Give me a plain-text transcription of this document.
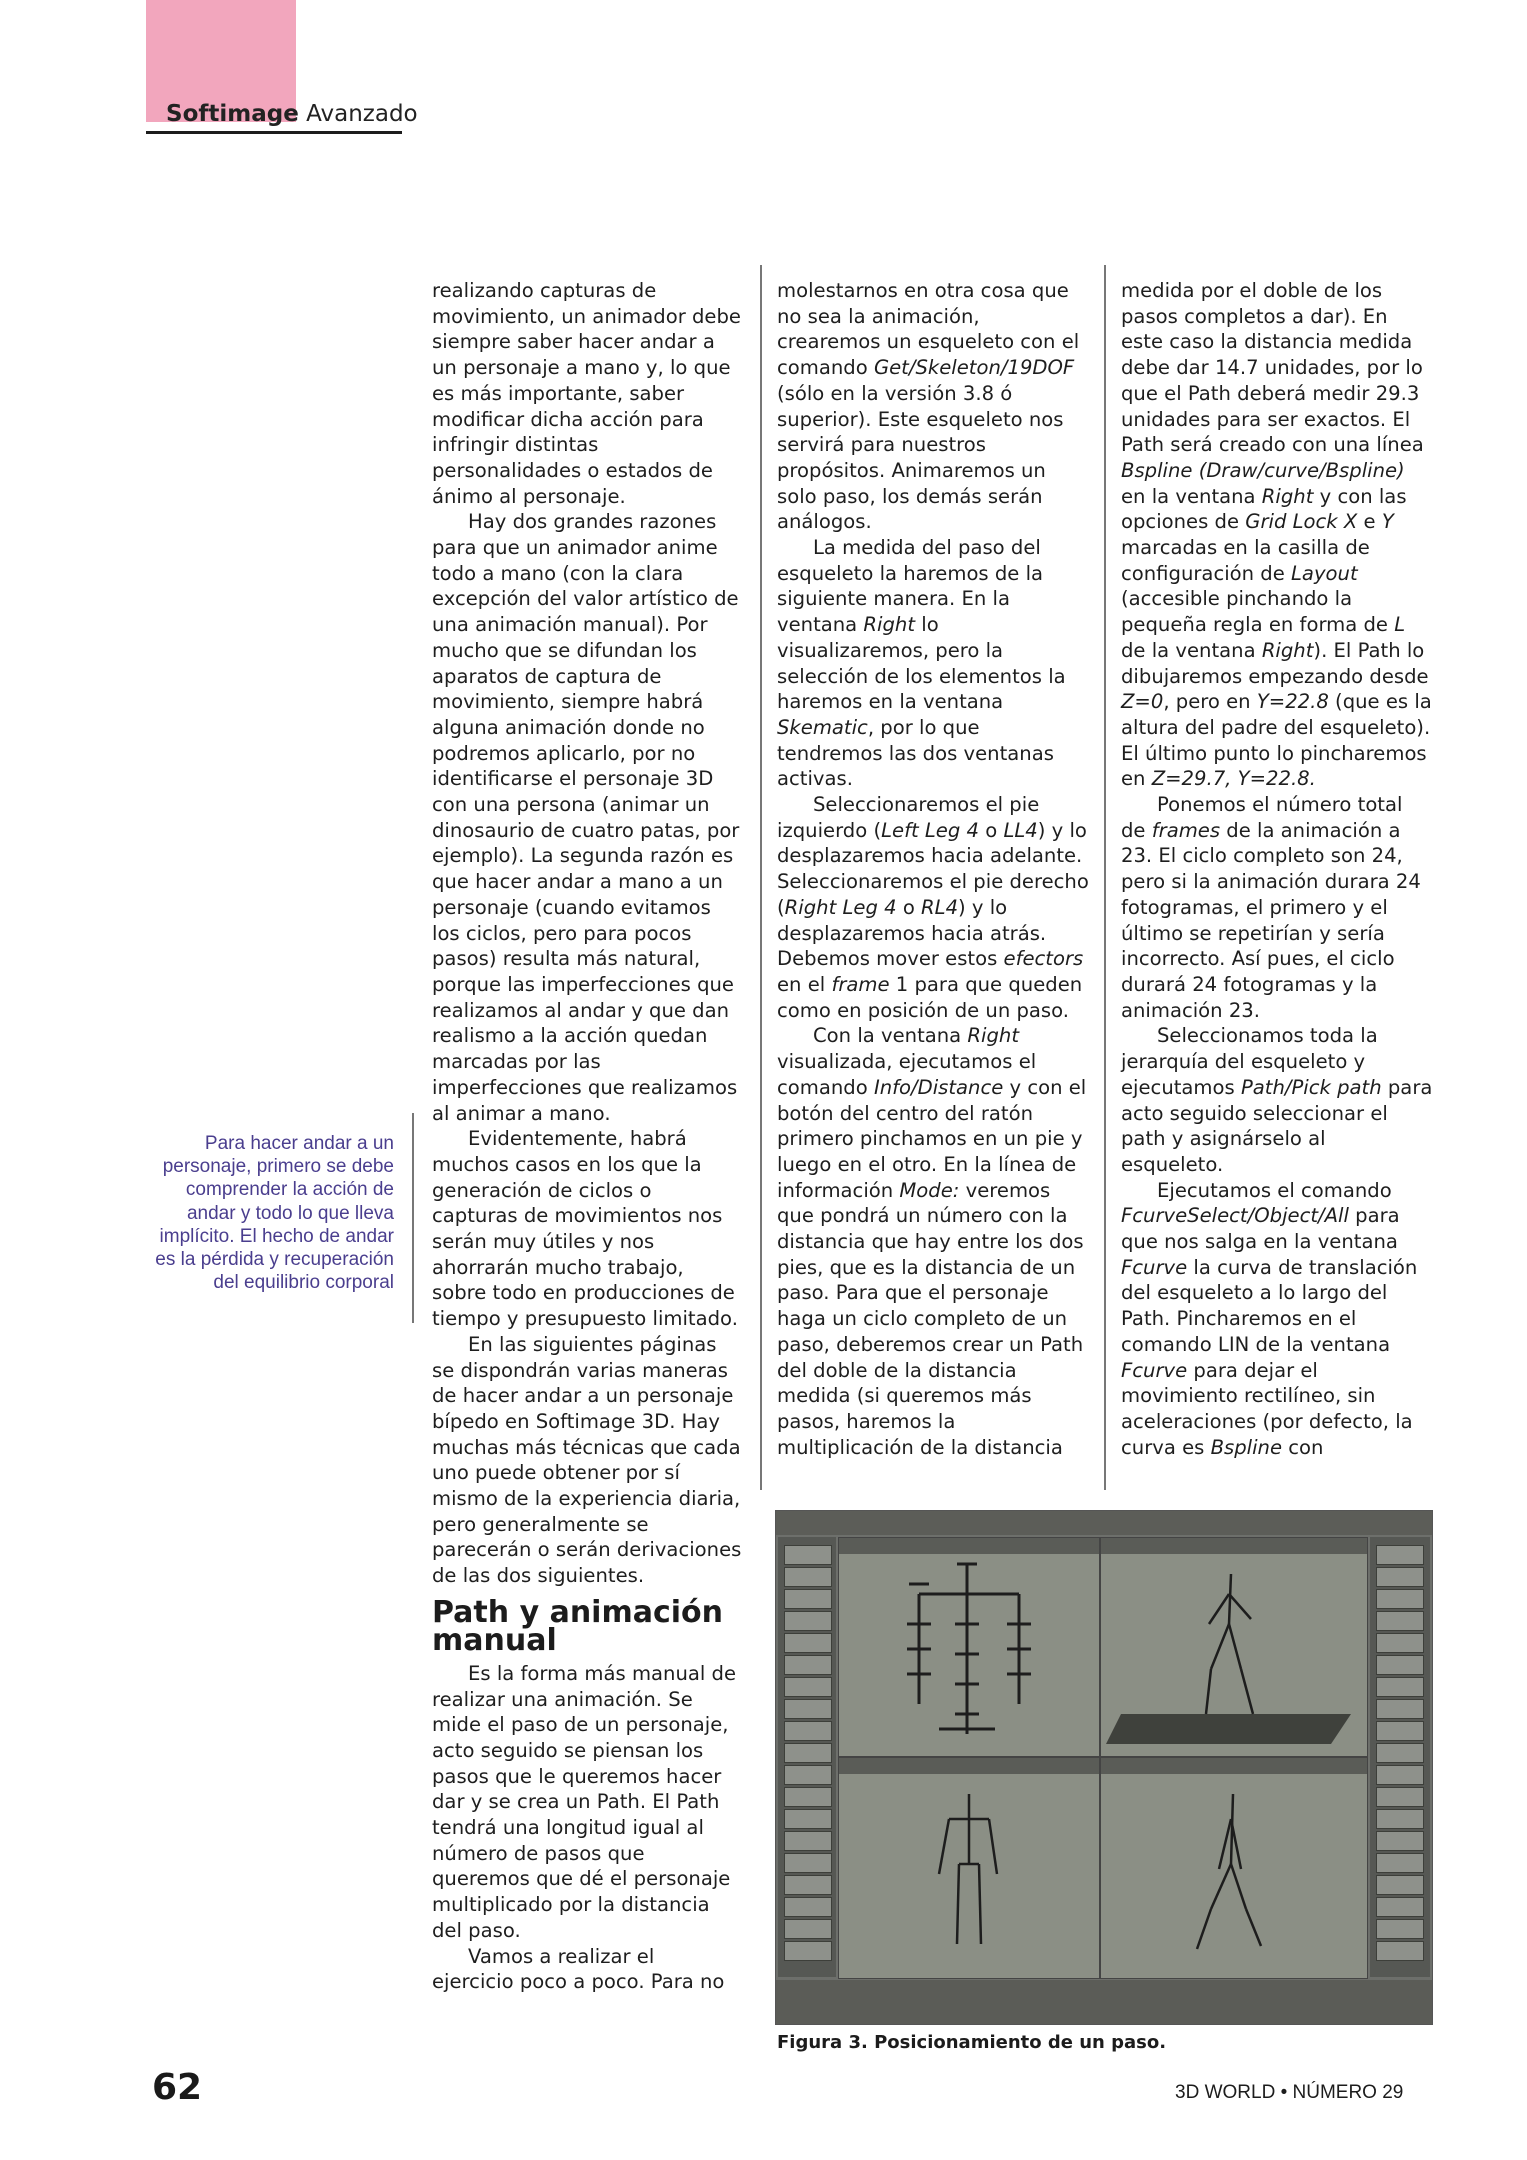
Softimage Avanzado
Para hacer andar a un personaje, primero se debe comprender la acción de andar y todo lo que lleva implícito. El hecho de andar es la pérdida y recuperación del equilibrio corporal

realizando capturas de movimiento, un animador debe siempre saber hacer andar a un personaje a mano y, lo que es más importante, saber modificar dicha acción para infringir distintas personalidades o estados de ánimo al personaje.

Hay dos grandes razones para que un animador anime todo a mano (con la clara excepción del valor artístico de una animación manual). Por mucho que se difundan los aparatos de captura de movimiento, siempre habrá alguna animación donde no podremos aplicarlo, por no identificarse el personaje 3D con una persona (animar un dinosaurio de cuatro patas, por ejemplo). La segunda razón es que hacer andar a mano a un personaje (cuando evitamos los ciclos, pero para pocos pasos) resulta más natural, porque las imperfecciones que realizamos al andar y que dan realismo a la acción quedan marcadas por las imperfecciones que realizamos al animar a mano.

Evidentemente, habrá muchos casos en los que la generación de ciclos o capturas de movimientos nos serán muy útiles y nos ahorrarán mucho trabajo, sobre todo en producciones de tiempo y presupuesto limitado.

En las siguientes páginas se dispondrán varias maneras de hacer andar a un personaje bípedo en Softimage 3D. Hay muchas más técnicas que cada uno puede obtener por sí mismo de la experiencia diaria, pero generalmente se parecerán o serán derivaciones de las dos siguientes.

Path y animación manual

Es la forma más manual de realizar una animación. Se mide el paso de un personaje, acto seguido se piensan los pasos que le queremos hacer dar y se crea un Path. El Path tendrá una longitud igual al número de pasos que queremos que dé el personaje multiplicado por la distancia del paso.

Vamos a realizar el ejercicio poco a poco. Para no

molestarnos en otra cosa que no sea la animación, crearemos un esqueleto con el comando Get/Skeleton/19DOF (sólo en la versión 3.8 ó superior). Este esqueleto nos servirá para nuestros propósitos. Animaremos un solo paso, los demás serán análogos.

La medida del paso del esqueleto la haremos de la siguiente manera. En la ventana Right lo visualizaremos, pero la selección de los elementos la haremos en la ventana Skematic, por lo que tendremos las dos ventanas activas.

Seleccionaremos el pie izquierdo (Left Leg 4 o LL4) y lo desplazaremos hacia adelante. Seleccionaremos el pie derecho (Right Leg 4 o RL4) y lo desplazaremos hacia atrás. Debemos mover estos efectors en el frame 1 para que queden como en posición de un paso.

Con la ventana Right visualizada, ejecutamos el comando Info/Distance y con el botón del centro del ratón primero pinchamos en un pie y luego en el otro. En la línea de información Mode: veremos que pondrá un número con la distancia que hay entre los dos pies, que es la distancia de un paso. Para que el personaje haga un ciclo completo de un paso, deberemos crear un Path del doble de la distancia medida (si queremos más pasos, haremos la multiplicación de la distancia

medida por el doble de los pasos completos a dar). En este caso la distancia medida debe dar 14.7 unidades, por lo que el Path deberá medir 29.3 unidades para ser exactos. El Path será creado con una línea Bspline (Draw/curve/Bspline) en la ventana Right y con las opciones de Grid Lock X e Y marcadas en la casilla de configuración de Layout (accesible pinchando la pequeña regla en forma de L de la ventana Right). El Path lo dibujaremos empezando desde Z=0, pero en Y=22.8 (que es la altura del padre del esqueleto). El último punto lo pincharemos en Z=29.7, Y=22.8.

Ponemos el número total de frames de la animación a 23. El ciclo completo son 24, pero si la animación durara 24 fotogramas, el primero y el último se repetirían y sería incorrecto. Así pues, el ciclo durará 24 fotogramas y la animación 23.

Seleccionamos toda la jerarquía del esqueleto y ejecutamos Path/Pick path para acto seguido seleccionar el path y asignárselo al esqueleto.

Ejecutamos el comando FcurveSelect/Object/All para que nos salga en la ventana Fcurve la curva de translación del esqueleto a lo largo del Path. Pincharemos en el comando LIN de la ventana Fcurve para dejar el movimiento rectilíneo, sin aceleraciones (por defecto, la curva es Bspline con

Figura 3. Posicionamiento de un paso.
62	3D WORLD • NÚMERO 29
